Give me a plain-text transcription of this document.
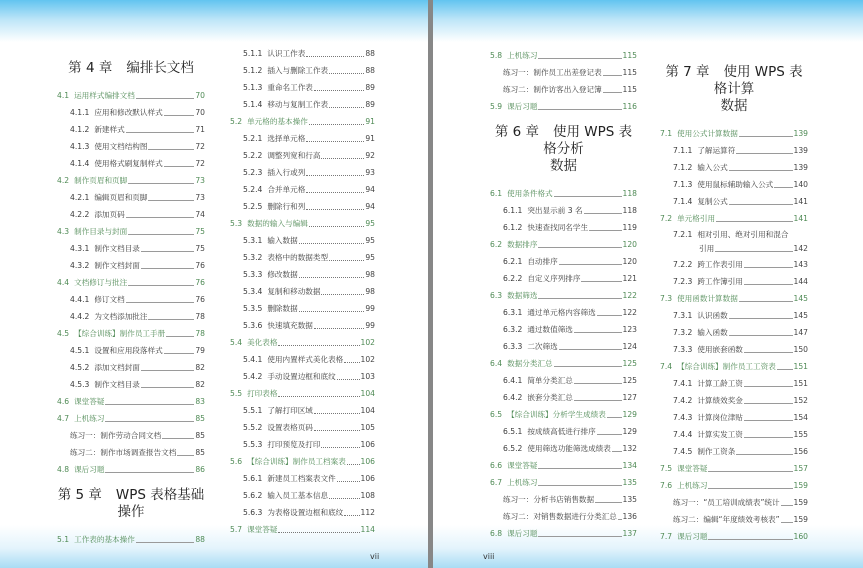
第 4 章 编排长文档
4.1 运用样式编排文档	70
4.1.1 应用和修改默认样式	70
4.1.2 新建样式	71
4.1.3 使用文档结构图	72
4.1.4 使用格式刷复制样式	72
4.2 制作页眉和页脚	73
4.2.1 编辑页眉和页脚	73
4.2.2 添加页码	74
4.3 制作目录与封面	75
4.3.1 制作文档目录	75
4.3.2 制作文档封面	76
4.4 文档修订与批注	76
4.4.1 修订文档	76
4.4.2 为文档添加批注	78
4.5 【综合训练】制作员工手册	78
4.5.1 设置和应用段落样式	79
4.5.2 添加文档封面	82
4.5.3 制作文档目录	82
4.6 课堂答疑	83
4.7 上机练习	85
练习一：制作劳动合同文档	85
练习二：制作市场调查报告文档	85
4.8 课后习题	86
第 5 章 WPS 表格基础操作
5.1 工作表的基本操作	88
5.1.1 认识工作表	88
5.1.2 插入与删除工作表	88
5.1.3 重命名工作表	89
5.1.4 移动与复制工作表	89
5.2 单元格的基本操作	91
5.2.1 选择单元格	91
5.2.2 调整列宽和行高	92
5.2.3 插入行或列	93
5.2.4 合并单元格	94
5.2.5 删除行和列	94
5.3 数据的输入与编辑	95
5.3.1 输入数据	95
5.3.2 表格中的数据类型	95
5.3.3 修改数据	98
5.3.4 复制和移动数据	98
5.3.5 删除数据	99
5.3.6 快速填充数据	99
5.4 美化表格	102
5.4.1 使用内置样式美化表格 102
5.4.2 手动设置边框和底纹	103
5.5 打印表格	104
5.5.1 了解打印区域	104
5.5.2 设置表格页码	105
5.5.3 打印预览及打印	106
5.6 【综合训练】制作员工档案表 106
5.6.1 新建员工档案表文件	106
5.6.2 输入员工基本信息	108
5.6.3 为表格设置边框和底纹 112
5.7 课堂答疑	114
vii
5.8 上机练习	115
练习一：制作员工出差登记表	115
练习二：制作访客出入登记簿	115
5.9 课后习题	116
第 6 章 使用 WPS 表格分析
数据
6.1 使用条件格式	118
6.1.1 突出显示前 3 名	118
6.1.2 快速查找同名学生	119
6.2 数据排序	120
6.2.1 自动排序	120
6.2.2 自定义序列排序	121
6.3 数据筛选	122
6.3.1 通过单元格内容筛选	122
6.3.2 通过数值筛选	123
6.3.3 二次筛选	124
6.4 数据分类汇总	125
6.4.1 简单分类汇总	125
6.4.2 嵌套分类汇总	127
6.5 【综合训练】分析学生成绩表 129
6.5.1 按成绩高低进行排序	129
6.5.2 使用筛选功能筛选成绩表 132
6.6 课堂答疑	134
6.7 上机练习	135
练习一：分析书店销售数据	135
练习二：对销售数据进行分类汇总 136
6.8 课后习题	137
第 7 章 使用 WPS 表格计算
数据
7.1 使用公式计算数据	139
7.1.1 了解运算符	139
7.1.2 输入公式	139
7.1.3 使用鼠标辅助输入公式	140
7.1.4 复制公式	141
7.2 单元格引用	141
7.2.1 相对引用、绝对引用和混合
引用	142
7.2.2 跨工作表引用	143
7.2.3 跨工作簿引用	144
7.3 使用函数计算数据	145
7.3.1 认识函数	145
7.3.2 输入函数	147
7.3.3 使用嵌套函数	150
7.4 【综合训练】制作员工工资表 151
7.4.1 计算工龄工资	151
7.4.2 计算绩效奖金	152
7.4.3 计算岗位津贴	154
7.4.4 计算实发工资	155
7.4.5 制作工资条	156
7.5 课堂答疑	157
7.6 上机练习	159
练习一：“员工培训成绩表”统计 159
练习二：编辑“年度绩效考核表” 159
7.7 课后习题	160
viii
